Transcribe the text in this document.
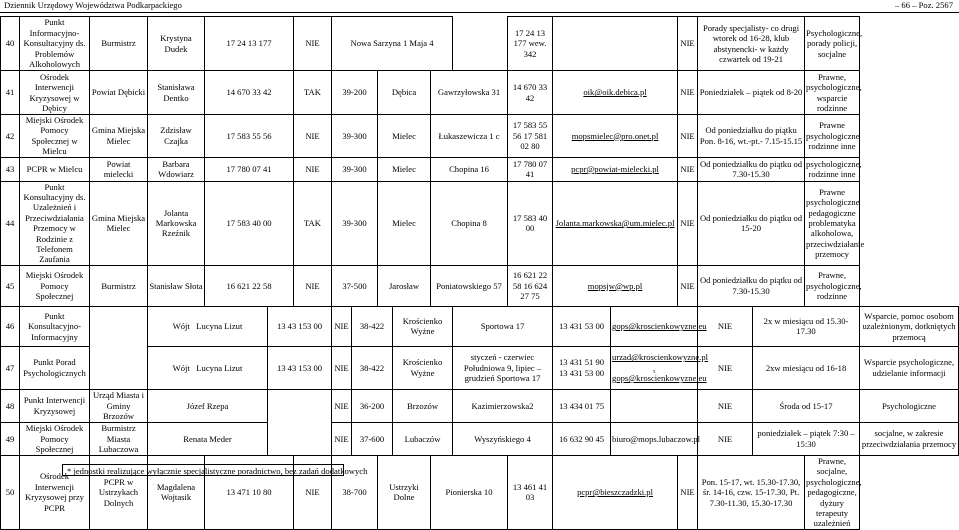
Dziennik Urzędowy Województwa Podkarpackiego	– 66 – Poz. 2567
40	Punkt Informacyjno-Konsultacyjny ds. Problemów Alkoholowych	Burmistrz	Krystyna Dudek	17 24 13 177		NIE	Nowa Sarzyna 1 Maja 4						17 24 13 177 wew. 342			NIE	Porady specjalisty- co drugi wtorek od 16-28, klub abstynencki- w każdy czwartek od 19-21		Psychologiczne, porady policji, socjalne	
41	Ośrodek Interwencji Kryzysowej w Dębicy	Powiat Dębicki	Stanisława Dentko	14 670 33 42		TAK	39-200		Dębica		Gawrzyłowska 31		14 670 33 42	oik@oik.debica.pl		NIE	Poniedziałek – piątek od 8-20		Prawne, psychologiczne, wsparcie rodzinne	
42	Miejski Ośrodek Pomocy Społecznej w Mielcu	Gmina Miejska Mielec	Zdzisław Czajka	17 583 55 56		NIE	39-300		Mielec		Łukaszewicza 1 c		17 583 55 56 17 581 02 80	mopsmielec@pro.onet.pl		NIE	Od poniedziałku do piątku Pon. 8-16, wt.-pt.- 7.15-15.15		Prawne psychologiczne rodzinne inne	
43	PCPR w Mielcu	Powiat mielecki	Barbara Wdowiarz	17 780 07 41		NIE	39-300		Mielec		Chopina 16		17 780 07 41	pcpr@powiat-mielecki.pl		NIE	Od poniedziałku do piątku od 7.30-15.30		psychologiczne, rodzinne inne	
44	Punkt Konsultacyjny ds. Uzależnień i Przeciwdziałania Przemocy w Rodzinie z Telefonem Zaufania	Gmina Miejska Mielec	Jolanta Markowska Rzeźnik	17 583 40 00		TAK	39-300		Mielec		Chopina 8		17 583 40 00	Jolanta.markowska@um.mielec.pl		NIE	Od poniedziałku do piątku od 15-20		Prawne psychologiczne pedagogiczne problematyka alkoholowa, przeciwdziałanie przemocy	
45	Miejski Ośrodek Pomocy Społecznej	Burmistrz	Stanisław Słota	16 621 22 58		NIE	37-500		Jarosław		Poniatowskiego 57		16 621 22 58 16 624 27 75	mopsjw@wp.pl		NIE	Od poniedziałku do piątku od 7.30-15.30		Prawne, psychologiczne, rodzinne	
46	Punkt Konsultacyjno-Informacyjny		Wójt Lucyna Lizut		13 43 153 00		NIE	38-422		Krościenko Wyżne		Sportowa 17		13 431 53 00	gops@kroscienkowyzne.eu		NIE	2x w miesiącu od 15.30-17.30		Wsparcie, pomoc osobom uzależnionym, dotkniętych przemocą
47	Punkt Porad Psychologicznych		Wójt Lucyna Lizut		13 43 153 00		NIE	38-422		Krościenko Wyżne		styczeń - czerwiec Południowa 9, lipiec – grudzień Sportowa 17		13 431 51 90 13 431 53 00	urzad@kroscienkowyzne.pl , gops@kroscienkowyzne.eu		NIE	2xw miesiącu od 16-18		Wsparcie psychologiczne, udzielanie informacji
48	Punkt Interwencji Kryzysowej	Urząd Miasta i Gminy Brzozów	Józef Rzepa				NIE	36-200		Brzozów		Kazimierzowska2		13 434 01 75			NIE	Środa od 15-17		Psychologiczne
49	Miejski Ośrodek Pomocy Społecznej	Burmistrz Miasta Lubaczowa	Renata Meder				NIE	37-600		Lubaczów		Wyszyńskiego 4		16 632 90 45	biuro@mops.lubaczow.pl		NIE	poniedziałek – piątek 7:30 – 15:30		socjalne, w zakresie przeciwdziałania przemocy
50	Ośrodek Interwencji Kryzysowej przy PCPR	PCPR w Ustrzykach Dolnych	Magdalena Wojtasik	13 471 10 80		NIE	38-700		Ustrzyki Dolne		Pionierska 10		13 461 41 03	pcpr@bieszczadzki.pl		NIE	Pon. 15-17, wt. 15.30-17.30, śr. 14-16, czw. 15-17.30, Pt. 7.30-11.30, 15.30-17.30		Prawne, socjalne, psychologiczne, pedagogiczne, dyżury terapeuty uzależnień	
* jednostki realizujące wyłącznie specjalistyczne poradnictwo, bez zadań dodatkowych
